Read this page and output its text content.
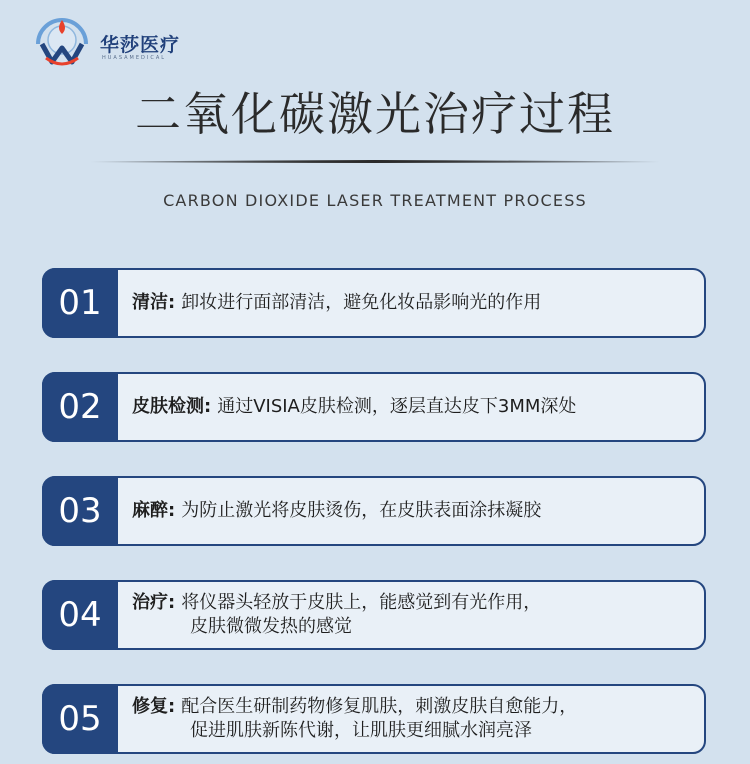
华莎医疗
HUASAMEDICAL
二氧化碳激光治疗过程
CARBON DIOXIDE LASER TREATMENT PROCESS
01	清洁: 卸妆进行面部清洁，避免化妆品影响光的作用
02	皮肤检测: 通过VISIA皮肤检测，逐层直达皮下3MM深处
03	麻醉: 为防止激光将皮肤烫伤，在皮肤表面涂抹凝胶
04	治疗: 将仪器头轻放于皮肤上，能感觉到有光作用，
皮肤微微发热的感觉
05	修复: 配合医生研制药物修复肌肤，刺激皮肤自愈能力，
促进肌肤新陈代谢，让肌肤更细腻水润亮泽
